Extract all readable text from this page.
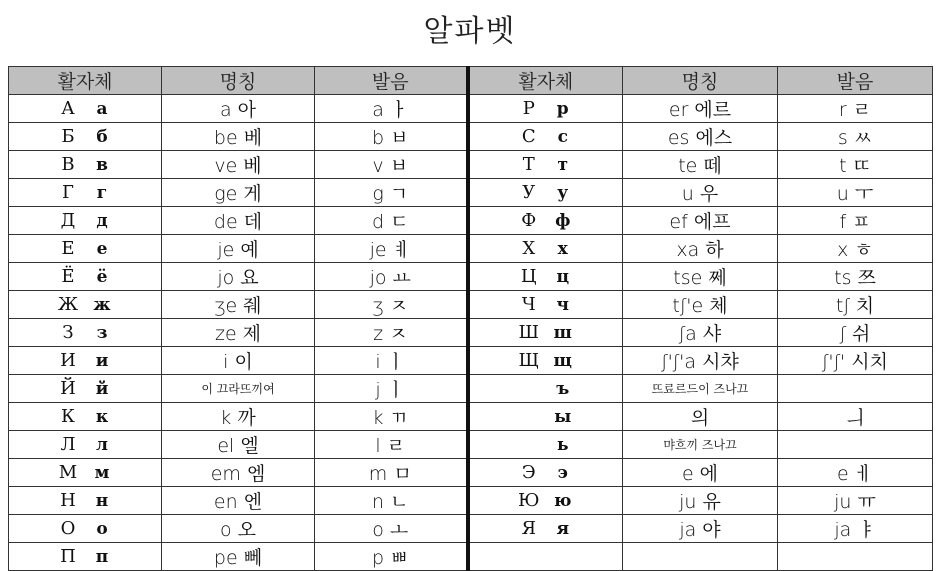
알파벳
활자체	명칭	발음	활자체	명칭	발음
А а	a 아	a ㅏ	Р р	er 에르	r ㄹ
Б б	be 베	b ㅂ	С с	es 에스	s ㅆ
В в	ve 베	v ㅂ	Т т	te 떼	t ㄸ
Г г	ge 게	g ㄱ	У у	u 우	u ㅜ
Д д	de 데	d ㄷ	Ф ф	ef 에프	f ㅍ
Е е	je 예	je ㅖ	Х х	xa 하	x ㅎ
Ё ё	jo 요	jo ㅛ	Ц ц	tse 쩨	ts 쯔
Ж ж	ʒe 줴	ʒ ㅈ	Ч ч	tʃ'e 체	tʃ 치
З з	ze 제	z ㅈ	Ш ш	ʃa 샤	ʃ 쉬
И и	i 이	i ㅣ	Щ щ	ʃ'ʃ'a 시챠	ʃ'ʃ' 시치
Й й	이 끄라뜨끼여	j ㅣ	ъ	뜨료르드이 즈나끄	
К к	k 까	k ㄲ	ы	의	ㅢ
Л л	el 엘	l ㄹ	ь	먀흐끼 즈나끄	
М м	em 엠	m ㅁ	Э э	e 에	e ㅔ
Н н	en 엔	n ㄴ	Ю ю	ju 유	ju ㅠ
О о	o 오	o ㅗ	Я я	ja 야	ja ㅑ
П п	pe 뻬	p ㅃ			
